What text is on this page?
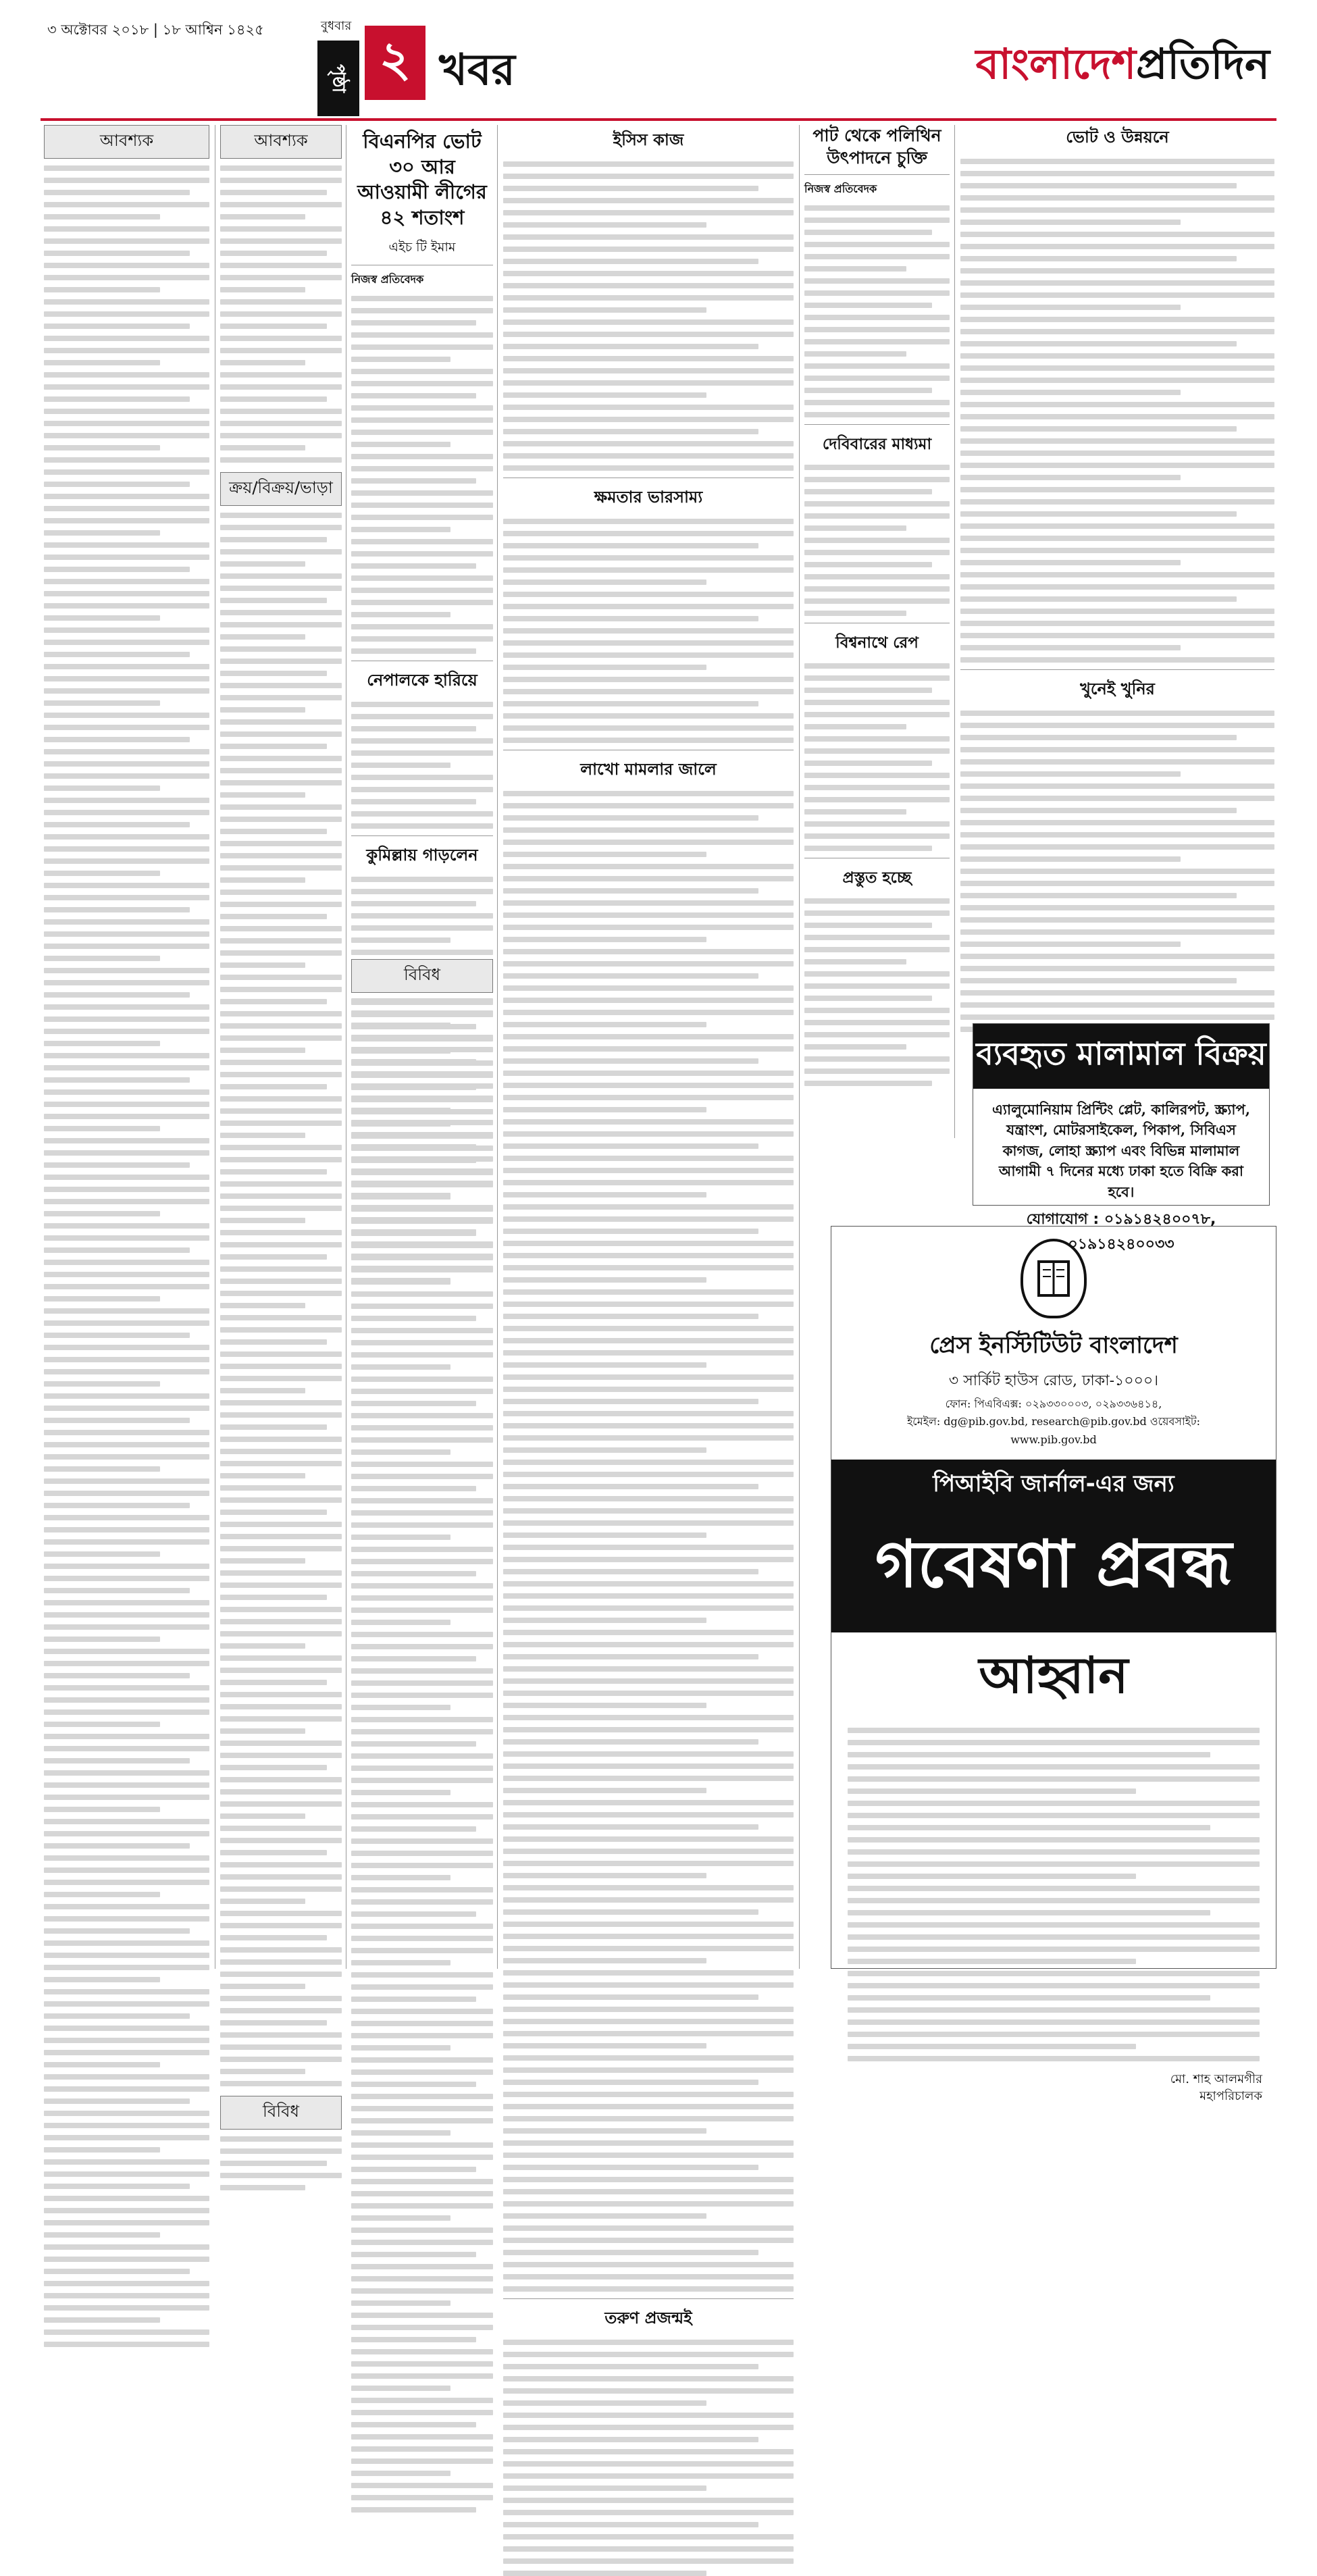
৩ অক্টোবর ২০১৮ | ১৮ আশ্বিন ১৪২৫	বুধবার
পৃষ্ঠা ২ খবর	বাংলাদেশপ্রতিদিন
আবশ্যক	আবশ্যক
ক্রয়/বিক্রয়/ভাড়া
বিবিধ
বিএনপির ভোট ৩০ আর আওয়ামী লীগের ৪২ শতাংশ
এইচ টি ইমাম
নিজস্ব প্রতিবেদক
নেপালকে হারিয়ে
কুমিল্লায় গাড়লেন
বিবিধ
ইসিস কাজ
ক্ষমতার ভারসাম্য
লাখো মামলার জালে
তরুণ প্রজন্মই
পাট থেকে পলিথিন উৎপাদনে চুক্তি
নিজস্ব প্রতিবেদক
দেবিবারের মাধ্যমা
বিশ্বনাথে রেপ
প্রস্তুত হচ্ছে
ভোট ও উন্নয়নে
খুনেই খুনির
ব্যবহৃত মালামাল বিক্রয়
এ্যালুমোনিয়াম প্রিন্টিং প্লেট, কালিরপট, স্ক্র্যাপ, যন্ত্রাংশ, মোটরসাইকেল, পিকাপ, সিবিএস কাগজ, লোহা স্ক্র্যাপ এবং বিভিন্ন মালামাল আগামী ৭ দিনের মধ্যে ঢাকা হতে বিক্রি করা হবে।
যোগাযোগ : ০১৯১৪২৪০০৭৮, ০১৯১৪২৪০০৩৩
প্রেস ইনস্টিটিউট বাংলাদেশ
৩ সার্কিট হাউস রোড, ঢাকা-১০০০।
ফোন: পিএবিএক্স: ০২৯৩৩০০০৩, ০২৯৩৩৬৪১৪,
ইমেইল: dg@pib.gov.bd, research@pib.gov.bd ওয়েবসাইট:
www.pib.gov.bd
পিআইবি জার্নাল-এর জন্য
গবেষণা প্রবন্ধ
আহ্বান
মো. শাহ আলমগীর
মহাপরিচালক
